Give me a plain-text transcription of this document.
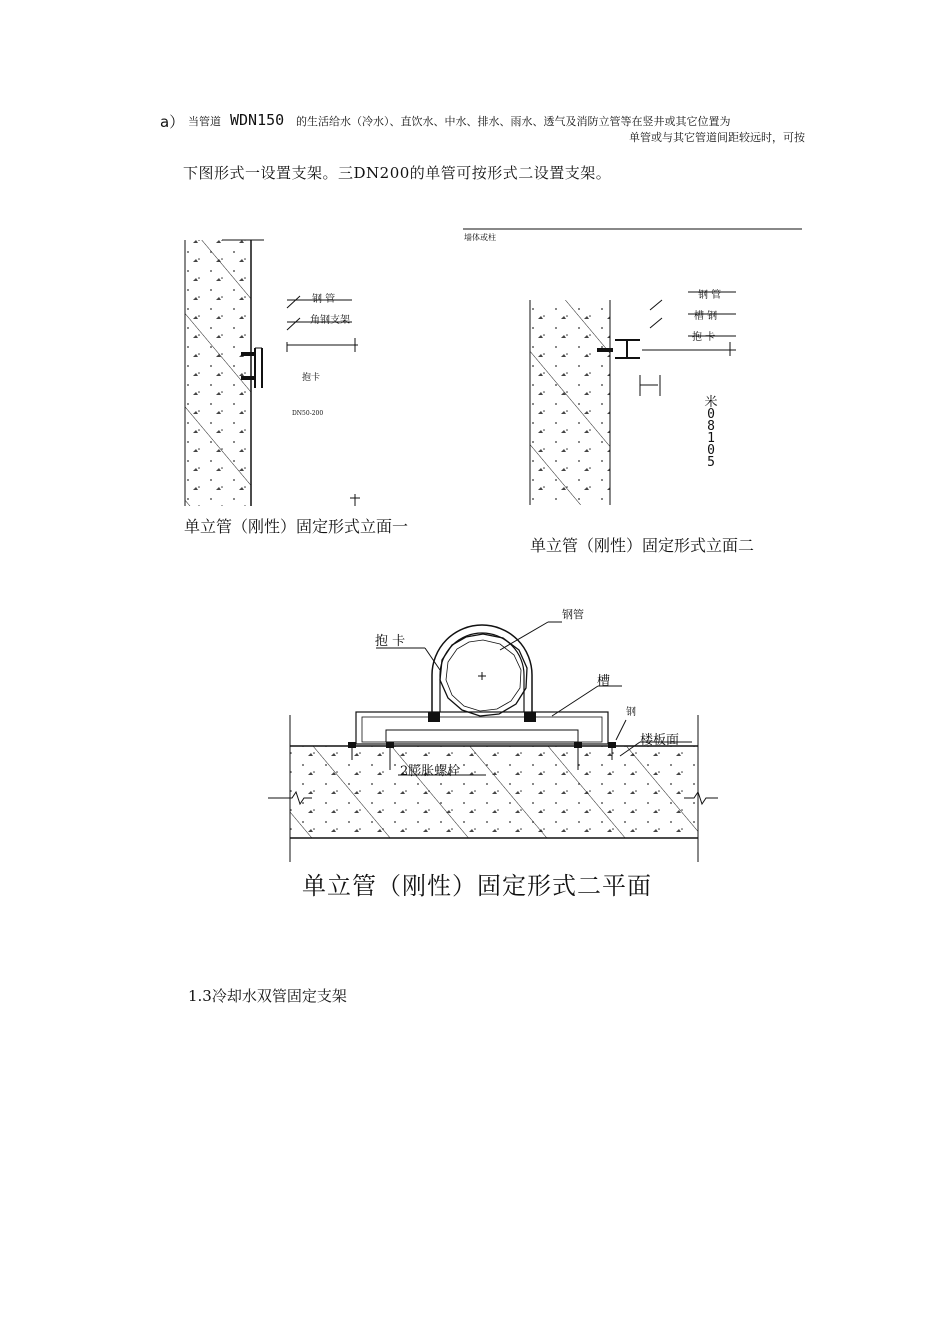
a） 当管道 WDN150 的生活给水（冷水）、直饮水、中水、排水、雨水、透气及消防立管等在竖井或其它位置为
单管或与其它管道间距较远时，可按
下图形式一设置支架。三DN200的单管可按形式二设置支架。
钢 管
角钢支架
抱卡
DN50-200
单立管（刚性）固定形式立面一
墙体或柱
钢 管
槽 钢
抱 卡
米
0
8
1
0
5
单立管（刚性）固定形式立面二
钢管
抱 卡
槽
钢
楼板面
2膨胀螺栓
单立管（刚性）固定形式二平面
1.3冷却水双管固定支架
